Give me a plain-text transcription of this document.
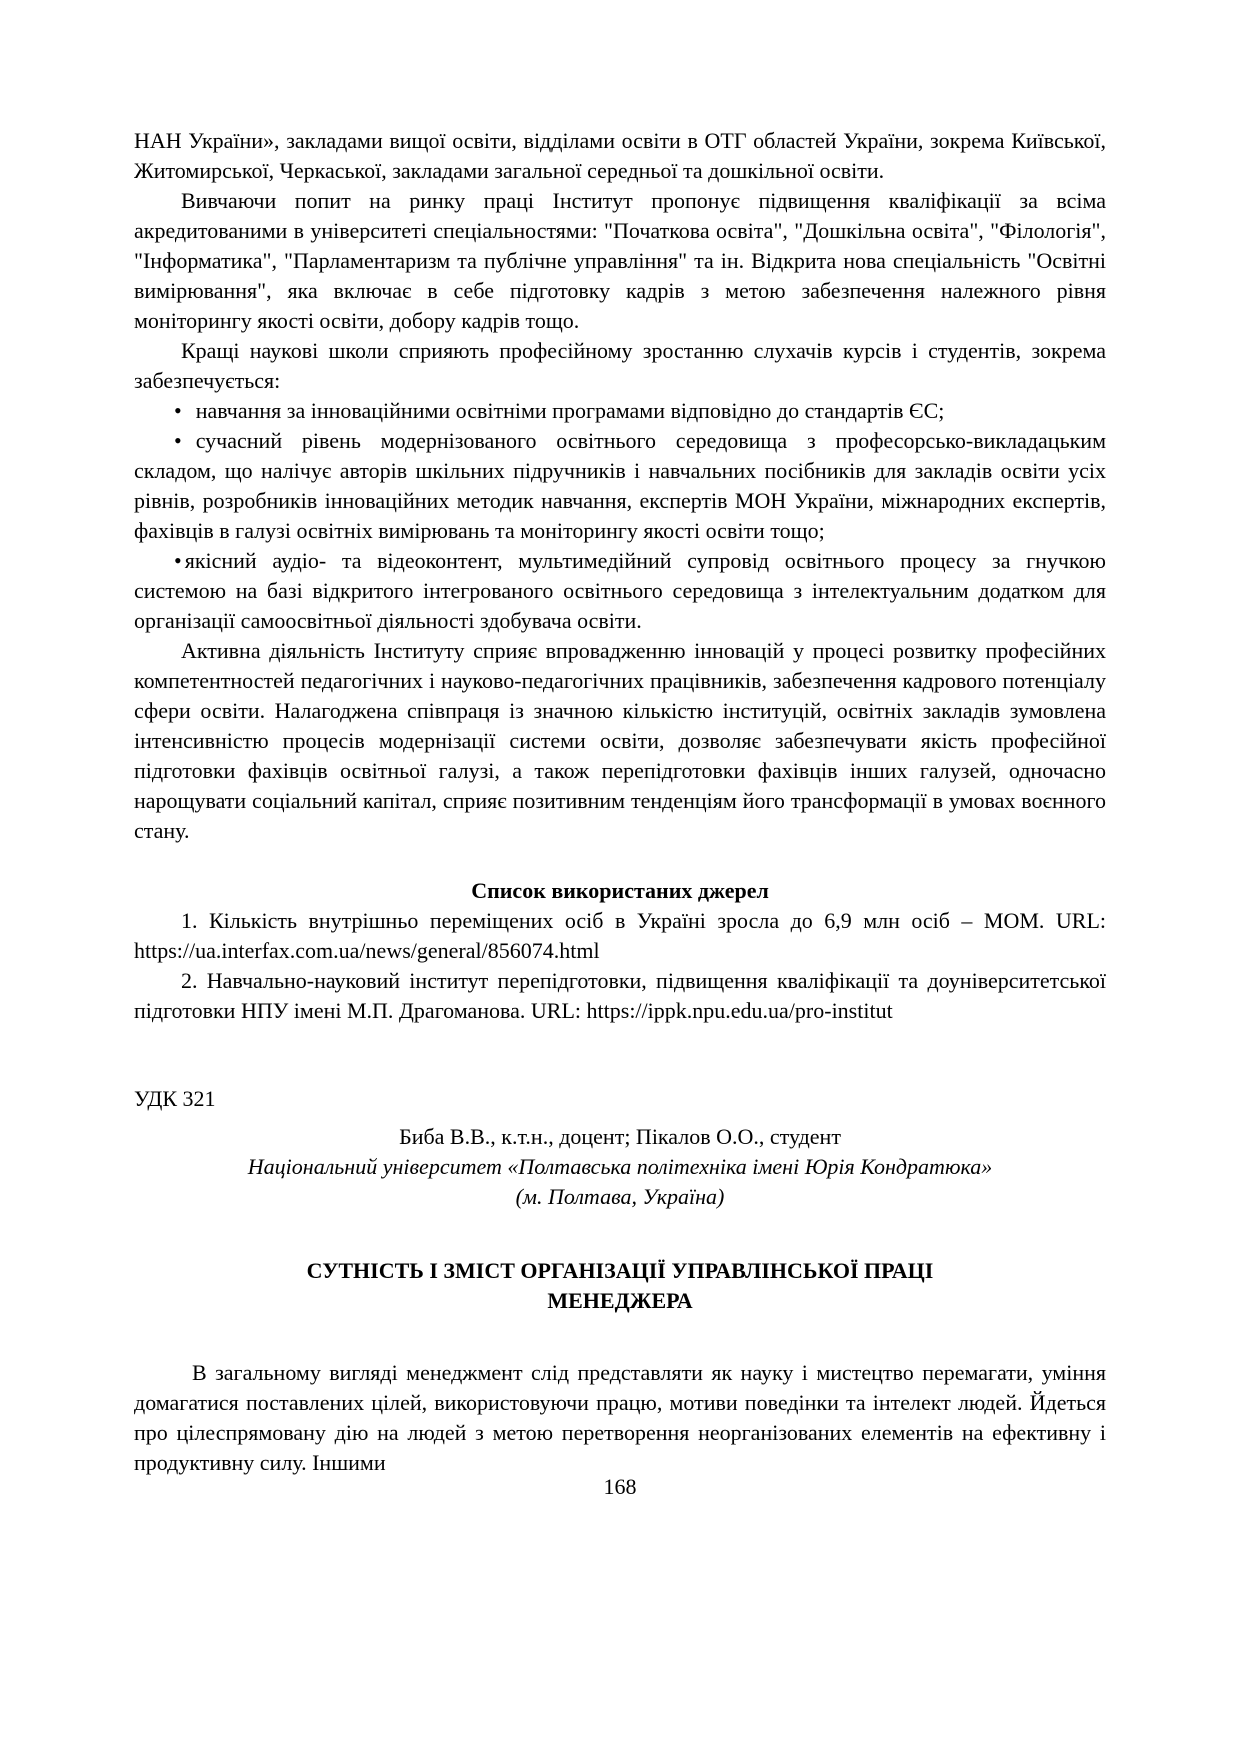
НАН України», закладами вищої освіти, відділами освіти в ОТГ областей України, зокрема Київської, Житомирської, Черкаської, закладами загальної середньої та дошкільної освіти.

Вивчаючи попит на ринку праці Інститут пропонує підвищення кваліфікації за всіма акредитованими в університеті спеціальностями: "Початкова освіта", "Дошкільна освіта", "Філологія", "Інформатика", "Парламентаризм та публічне управління" та ін. Відкрита нова спеціальність "Освітні вимірювання", яка включає в себе підготовку кадрів з метою забезпечення належного рівня моніторингу якості освіти, добору кадрів тощо.

Кращі наукові школи сприяють професійному зростанню слухачів курсів і студентів, зокрема забезпечується:

• навчання за інноваційними освітніми програмами відповідно до стандартів ЄС;

• сучасний рівень модернізованого освітнього середовища з професорсько-викладацьким складом, що налічує авторів шкільних підручників і навчальних посібників для закладів освіти усіх рівнів, розробників інноваційних методик навчання, експертів МОН України, міжнародних експертів, фахівців в галузі освітніх вимірювань та моніторингу якості освіти тощо;

• якісний аудіо- та відеоконтент, мультимедійний супровід освітнього процесу за гнучкою системою на базі відкритого інтегрованого освітнього середовища з інтелектуальним додатком для організації самоосвітньої діяльності здобувача освіти.

Активна діяльність Інституту сприяє впровадженню інновацій у процесі розвитку професійних компетентностей педагогічних і науково-педагогічних працівників, забезпечення кадрового потенціалу сфери освіти. Налагоджена співпраця із значною кількістю інституцій, освітніх закладів зумовлена інтенсивністю процесів модернізації системи освіти, дозволяє забезпечувати якість професійної підготовки фахівців освітньої галузі, а також перепідготовки фахівців інших галузей, одночасно нарощувати соціальний капітал, сприяє позитивним тенденціям його трансформації в умовах воєнного стану.

Список використаних джерел

1. Кількість внутрішньо переміщених осіб в Україні зросла до 6,9 млн осіб – МОМ. URL: https://ua.interfax.com.ua/news/general/856074.html

2. Навчально-науковий інститут перепідготовки, підвищення кваліфікації та доуніверситетської підготовки НПУ імені М.П. Драгоманова. URL: https://ippk.npu.edu.ua/pro-institut

УДК 321

Биба В.В., к.т.н., доцент; Пікалов О.О., студент

Національний університет «Полтавська політехніка імені Юрія Кондратюка»

(м. Полтава, Україна)

СУТНІСТЬ І ЗМІСТ ОРГАНІЗАЦІЇ УПРАВЛІНСЬКОЇ ПРАЦІ МЕНЕДЖЕРА

В загальному вигляді менеджмент слід представляти як науку і мистецтво перемагати, уміння домагатися поставлених цілей, використовуючи працю, мотиви поведінки та інтелект людей. Йдеться про цілеспрямовану дію на людей з метою перетворення неорганізованих елементів на ефективну і продуктивну силу. Іншими

168
